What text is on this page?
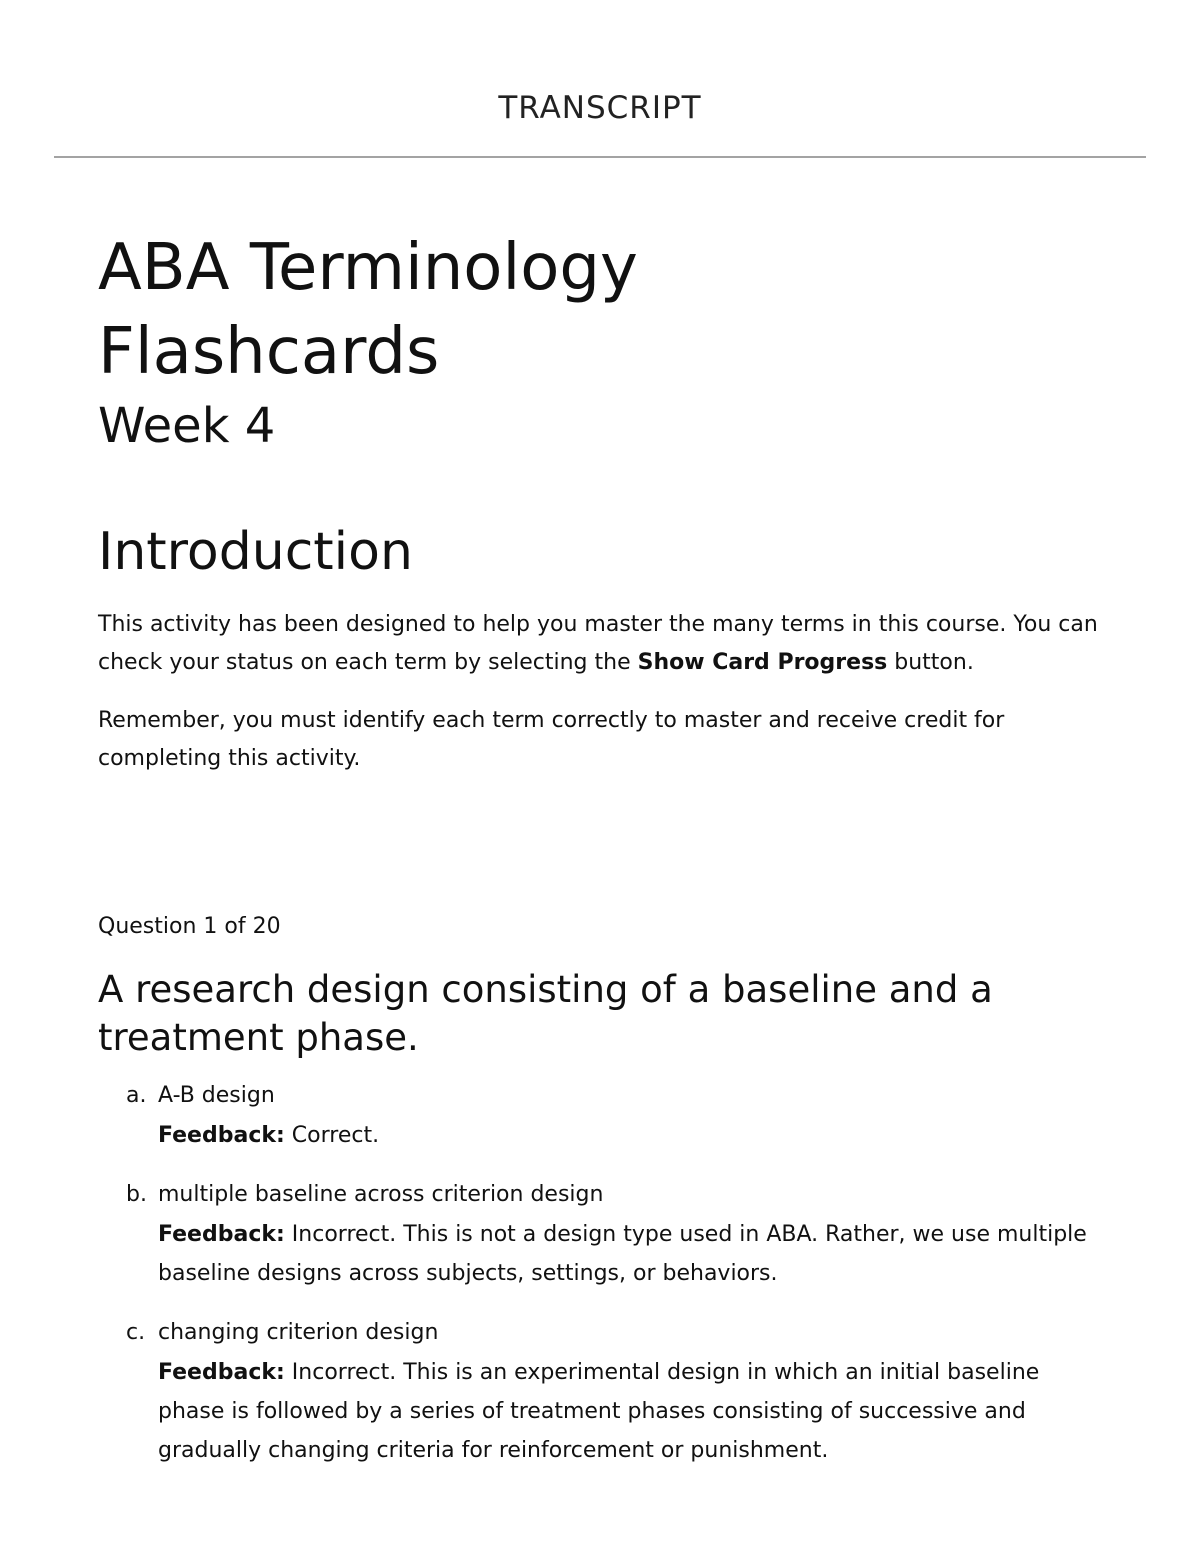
TRANSCRIPT
ABA Terminology
Flashcards
Week 4
Introduction

This activity has been designed to help you master the many terms in this course. You can check your status on each term by selecting the Show Card Progress button.

Remember, you must identify each term correctly to master and receive credit for completing this activity.

Question 1 of 20
A research design consisting of a baseline and a treatment phase.
a. A-B design
Feedback: Correct.
b. multiple baseline across criterion design
Feedback: Incorrect. This is not a design type used in ABA. Rather, we use multiple baseline designs across subjects, settings, or behaviors.
c. changing criterion design
Feedback: Incorrect. This is an experimental design in which an initial baseline phase is followed by a series of treatment phases consisting of successive and gradually changing criteria for reinforcement or punishment.
